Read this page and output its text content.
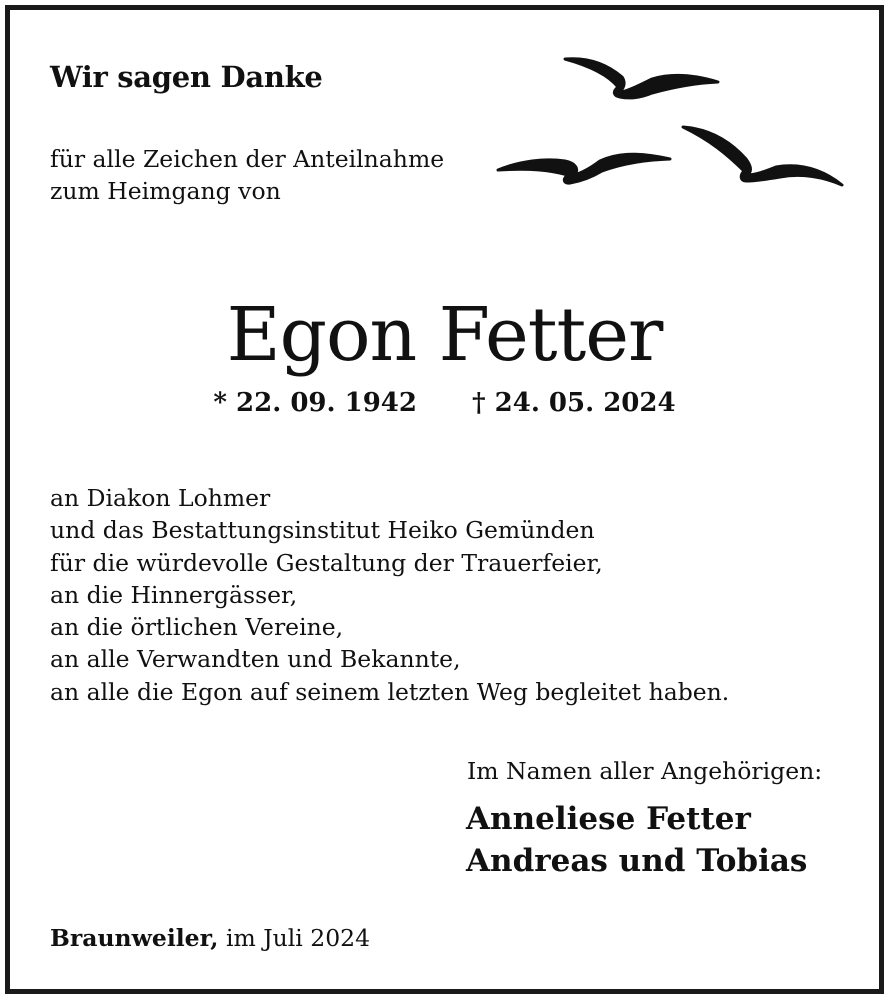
Wir sagen Danke
für alle Zeichen der Anteilnahme
zum Heimgang von
Egon Fetter
* 22. 09. 1942 † 24. 05. 2024
an Diakon Lohmer
und das Bestattungsinstitut Heiko Gemünden
für die würdevolle Gestaltung der Trauerfeier,
an die Hinnergässer,
an die örtlichen Vereine,
an alle Verwandten und Bekannte,
an alle die Egon auf seinem letzten Weg begleitet haben.
Im Namen aller Angehörigen:
Anneliese Fetter
Andreas und Tobias
Braunweiler, im Juli 2024
